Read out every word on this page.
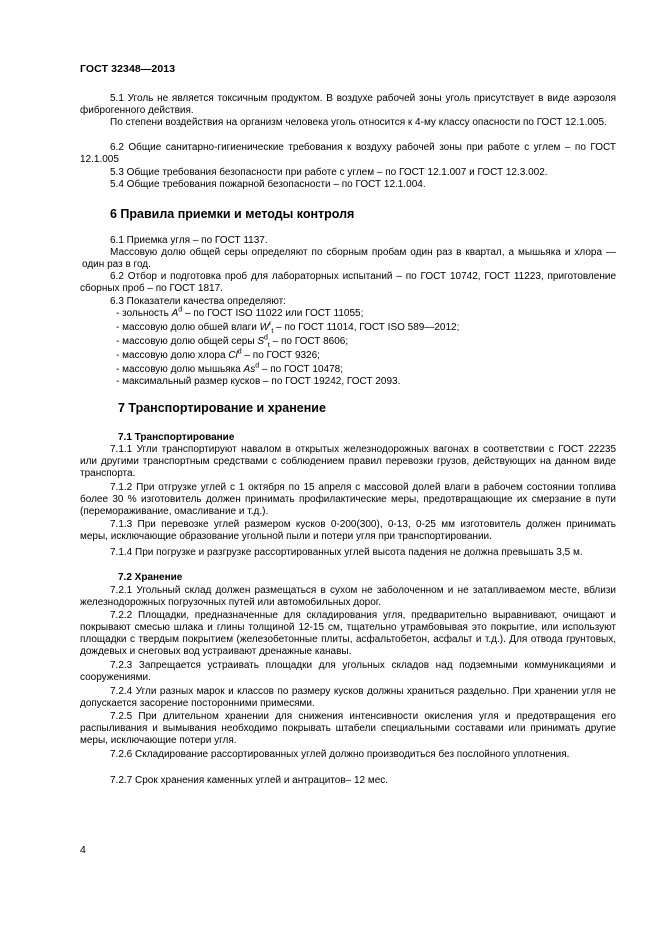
ГОСТ 32348—2013

5.1 Уголь не является токсичным продуктом. В воздухе рабочей зоны уголь присутствует в виде аэрозоля фиброгенного действия.

По степени воздействия на организм человека уголь относится к 4-му классу опасности по ГОСТ 12.1.005.

6.2 Общие санитарно-гигиенические требования к воздуху рабочей зоны при работе с углем – по ГОСТ 12.1.005

5.3 Общие требования безопасности при работе с углем – по ГОСТ 12.1.007 и ГОСТ 12.3.002.

5.4 Общие требования пожарной безопасности – по ГОСТ 12.1.004.

6 Правила приемки и методы контроля

6.1 Приемка угля – по ГОСТ 1137.

Массовую долю общей серы определяют по сборным пробам один раз в квартал, а мышьяка и хлора — один раз в год.

6.2 Отбор и подготовка проб для лабораторных испытаний – по ГОСТ 10742, ГОСТ 11223, приготовление сборных проб – по ГОСТ 1817.

6.3 Показатели качества определяют:

- зольность $A^d$ – по ГОСТ ISO 11022 или ГОСТ 11055;
- массовую долю обшей влаги $W^r_t$ – по ГОСТ 11014, ГОСТ ISO 589—2012;
- массовую долю общей серы $S^d_t$ – по ГОСТ 8606;
- массовую долю хлора Cl$^d$ – по ГОСТ 9326;
- массовую долю мышьяка As$^d$ – по ГОСТ 10478;
- максимальный размер кусков – по ГОСТ 19242, ГОСТ 2093.
7 Транспортирование и хранение
7.1 Транспортирование

7.1.1 Угли транспортируют навалом в открытых железнодорожных вагонах в соответствии с ГОСТ 22235 или другими транспортным средствами с соблюдением правил перевозки грузов, действующих на данном виде транспорта.

7.1.2 При отгрузке углей с 1 октября по 15 апреля с массовой долей влаги в рабочем состоянии топлива более 30 % изготовитель должен принимать профилактические меры, предотвращающие их смерзание в пути (перемораживание, омасливание и т.д.).

7.1.3 При перевозке углей размером кусков 0-200(300), 0-13, 0-25 мм изготовитель должен принимать меры, исключающие образование угольной пыли и потери угля при транспортировании.

7.1.4 При погрузке и разгрузке рассортированных углей высота падения не должна превышать 3,5 м.

7.2 Хранение

7.2.1 Угольный склад должен размещаться в сухом не заболоченном и не затапливаемом месте, вблизи железнодорожных погрузочных путей или автомобильных дорог.

7.2.2 Площадки, предназначенные для складирования угля, предварительно выравнивают, очищают и покрывают смесью шлака и глины толщиной 12-15 см, тщательно утрамбовывая это покрытие, или используют площадки с твердым покрытием (железобетонные плиты, асфальтобетон, асфальт и т.д.). Для отвода грунтовых, дождевых и снеговых вод устраивают дренажные канавы.

7.2.3 Запрещается устраивать площадки для угольных складов над подземными коммуникациями и сооружениями.

7.2.4 Угли разных марок и классов по размеру кусков должны храниться раздельно. При хранении угля не допускается засорение посторонними примесями.

7.2.5 При длительном хранении для снижения интенсивности окисления угля и предотвращения его распыливания и вымывания необходимо покрывать штабели специальными составами или принимать другие меры, исключающие потери угля.

7.2.6 Складирование рассортированных углей должно производиться без послойного уплотнения.

7.2.7 Срок хранения каменных углей и антрацитов– 12 мес.

4
